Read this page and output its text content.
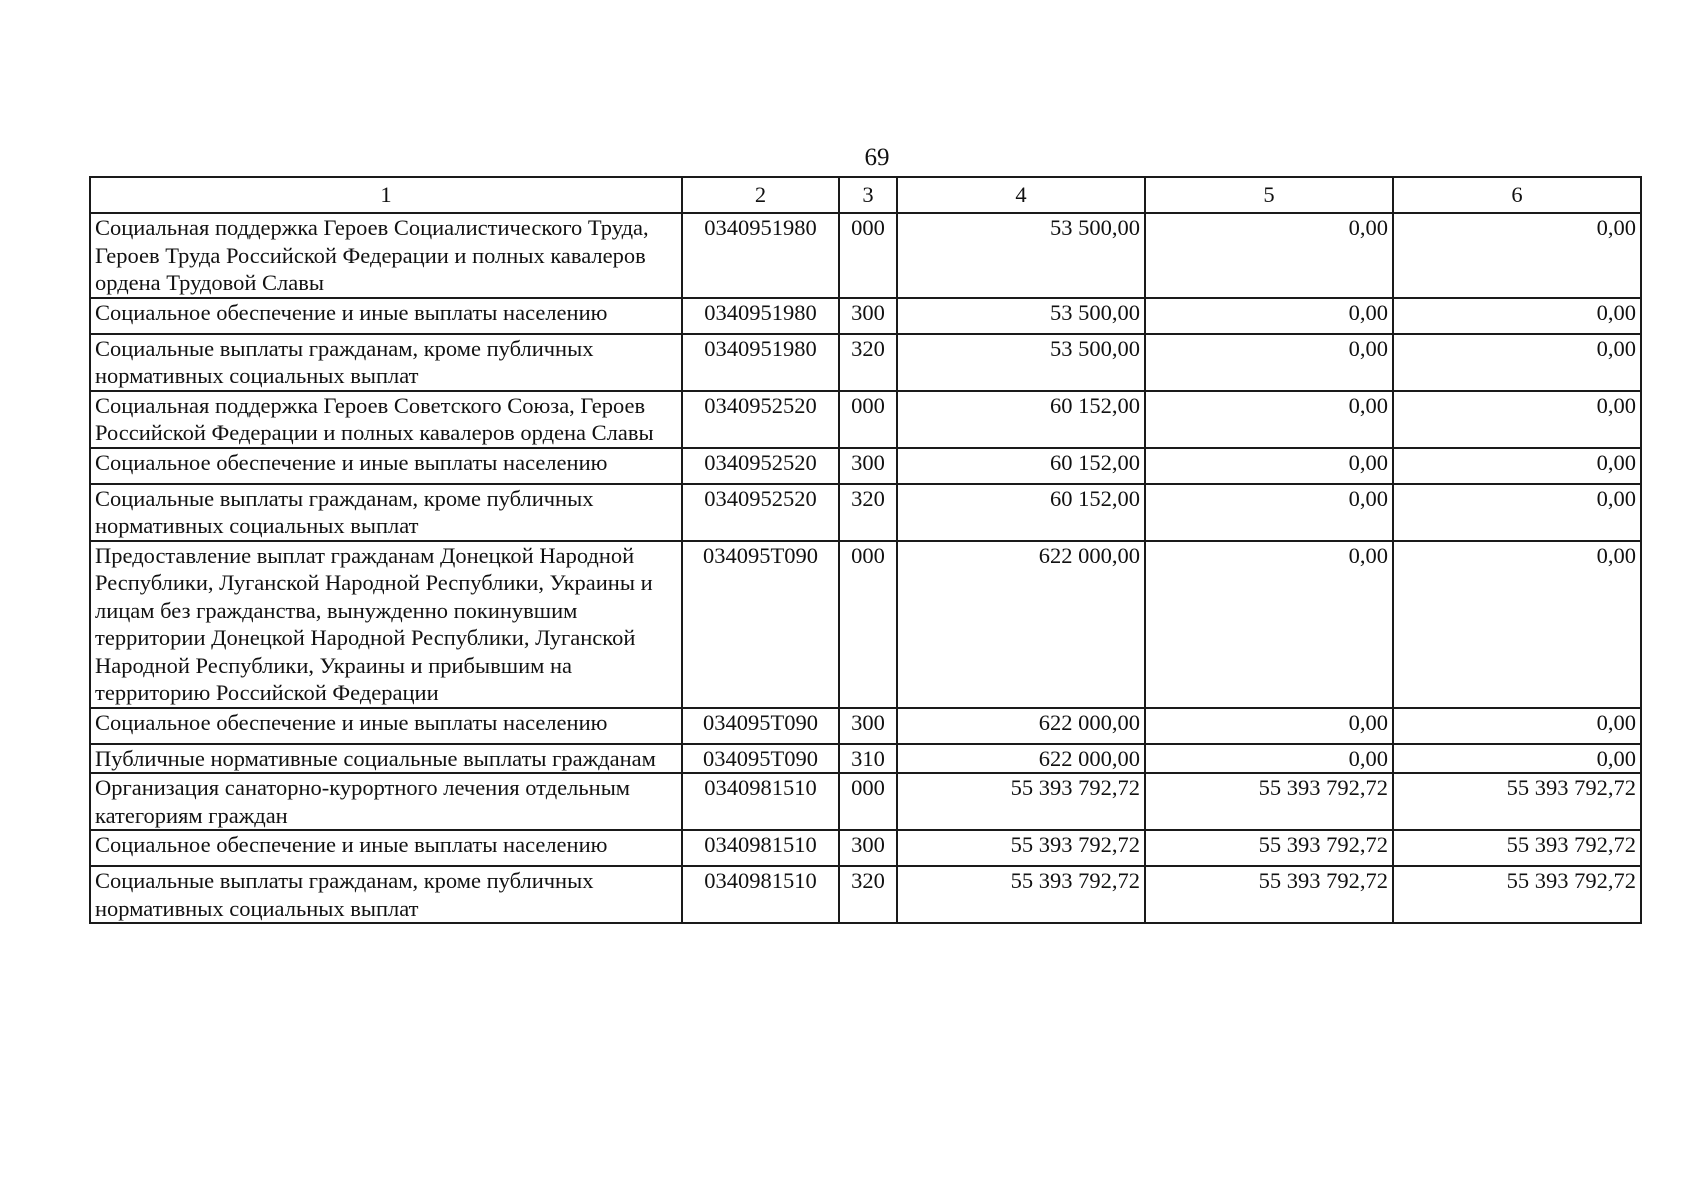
69
1	2	3	4	5	6
Социальная поддержка Героев Социалистического Труда, Героев Труда Российской Федерации и полных кавалеров ордена Трудовой Славы	0340951980	000	53 500,00	0,00	0,00
Социальное обеспечение и иные выплаты населению	0340951980	300	53 500,00	0,00	0,00
Социальные выплаты гражданам, кроме публичных нормативных социальных выплат	0340951980	320	53 500,00	0,00	0,00
Социальная поддержка Героев Советского Союза, Героев Российской Федерации и полных кавалеров ордена Славы	0340952520	000	60 152,00	0,00	0,00
Социальное обеспечение и иные выплаты населению	0340952520	300	60 152,00	0,00	0,00
Социальные выплаты гражданам, кроме публичных нормативных социальных выплат	0340952520	320	60 152,00	0,00	0,00
Предоставление выплат гражданам Донецкой Народной Республики, Луганской Народной Республики, Украины и лицам без гражданства, вынужденно покинувшим территории Донецкой Народной Республики, Луганской Народной Республики, Украины и прибывшим на территорию Российской Федерации	034095Т090	000	622 000,00	0,00	0,00
Социальное обеспечение и иные выплаты населению	034095Т090	300	622 000,00	0,00	0,00
Публичные нормативные социальные выплаты гражданам	034095Т090	310	622 000,00	0,00	0,00
Организация санаторно-курортного лечения отдельным категориям граждан	0340981510	000	55 393 792,72	55 393 792,72	55 393 792,72
Социальное обеспечение и иные выплаты населению	0340981510	300	55 393 792,72	55 393 792,72	55 393 792,72
Социальные выплаты гражданам, кроме публичных нормативных социальных выплат	0340981510	320	55 393 792,72	55 393 792,72	55 393 792,72
